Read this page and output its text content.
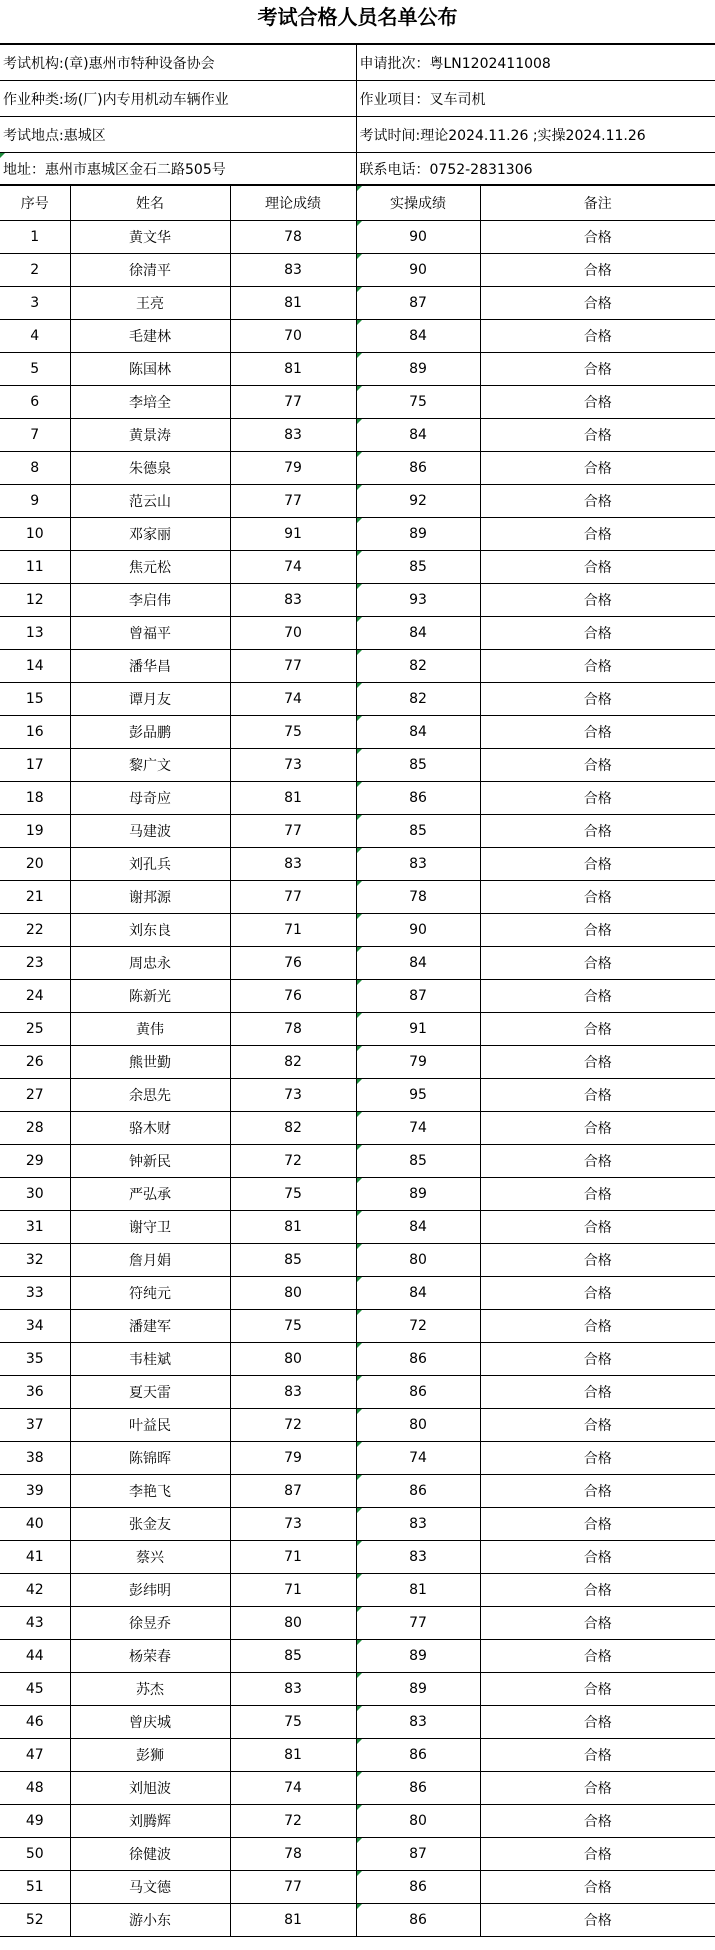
考试合格人员名单公布
考试机构:(章)惠州市特种设备协会	申请批次：粤LN1202411008
作业种类:场(厂)内专用机动车辆作业	作业项目：叉车司机
考试地点:惠城区	考试时间:理论2024.11.26 ;实操2024.11.26
地址：惠州市惠城区金石二路505号	联系电话：0752-2831306
序号	姓名	理论成绩	实操成绩	备注
1	黄文华	78	90	合格
2	徐清平	83	90	合格
3	王亮	81	87	合格
4	毛建林	70	84	合格
5	陈国林	81	89	合格
6	李培全	77	75	合格
7	黄景涛	83	84	合格
8	朱德泉	79	86	合格
9	范云山	77	92	合格
10	邓家丽	91	89	合格
11	焦元松	74	85	合格
12	李启伟	83	93	合格
13	曾福平	70	84	合格
14	潘华昌	77	82	合格
15	谭月友	74	82	合格
16	彭品鹏	75	84	合格
17	黎广文	73	85	合格
18	母奇应	81	86	合格
19	马建波	77	85	合格
20	刘孔兵	83	83	合格
21	谢邦源	77	78	合格
22	刘东良	71	90	合格
23	周忠永	76	84	合格
24	陈新光	76	87	合格
25	黄伟	78	91	合格
26	熊世勤	82	79	合格
27	余思先	73	95	合格
28	骆木财	82	74	合格
29	钟新民	72	85	合格
30	严弘承	75	89	合格
31	谢守卫	81	84	合格
32	詹月娟	85	80	合格
33	符纯元	80	84	合格
34	潘建军	75	72	合格
35	韦桂斌	80	86	合格
36	夏天雷	83	86	合格
37	叶益民	72	80	合格
38	陈锦晖	79	74	合格
39	李艳飞	87	86	合格
40	张金友	73	83	合格
41	蔡兴	71	83	合格
42	彭纬明	71	81	合格
43	徐昱乔	80	77	合格
44	杨荣春	85	89	合格
45	苏杰	83	89	合格
46	曾庆城	75	83	合格
47	彭狮	81	86	合格
48	刘旭波	74	86	合格
49	刘腾辉	72	80	合格
50	徐健波	78	87	合格
51	马文德	77	86	合格
52	游小东	81	86	合格
